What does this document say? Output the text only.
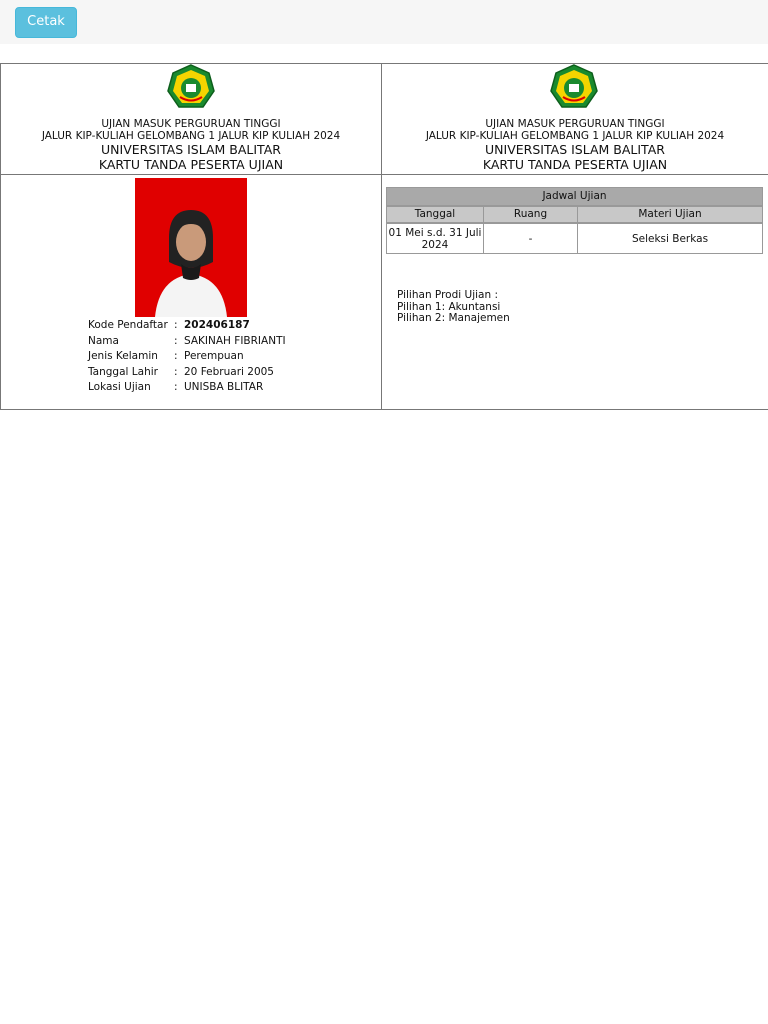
Cetak
UJIAN MASUK PERGURUAN TINGGI
JALUR KIP-KULIAH GELOMBANG 1 JALUR KIP KULIAH 2024
UNIVERSITAS ISLAM BALITAR
KARTU TANDA PESERTA UJIAN
UJIAN MASUK PERGURUAN TINGGI
JALUR KIP-KULIAH GELOMBANG 1 JALUR KIP KULIAH 2024
UNIVERSITAS ISLAM BALITAR
KARTU TANDA PESERTA UJIAN
Kode Pendaftar : 202406187
Nama	: SAKINAH FIBRIANTI
Jenis Kelamin	: Perempuan
Tanggal Lahir	: 20 Februari 2005
Lokasi Ujian	: UNISBA BLITAR
Jadwal Ujian
Tanggal	Ruang	Materi Ujian
01 Mei s.d. 31 Juli 2024	-	Seleksi Berkas
Pilihan Prodi Ujian :
Pilihan 1: Akuntansi
Pilihan 2: Manajemen
